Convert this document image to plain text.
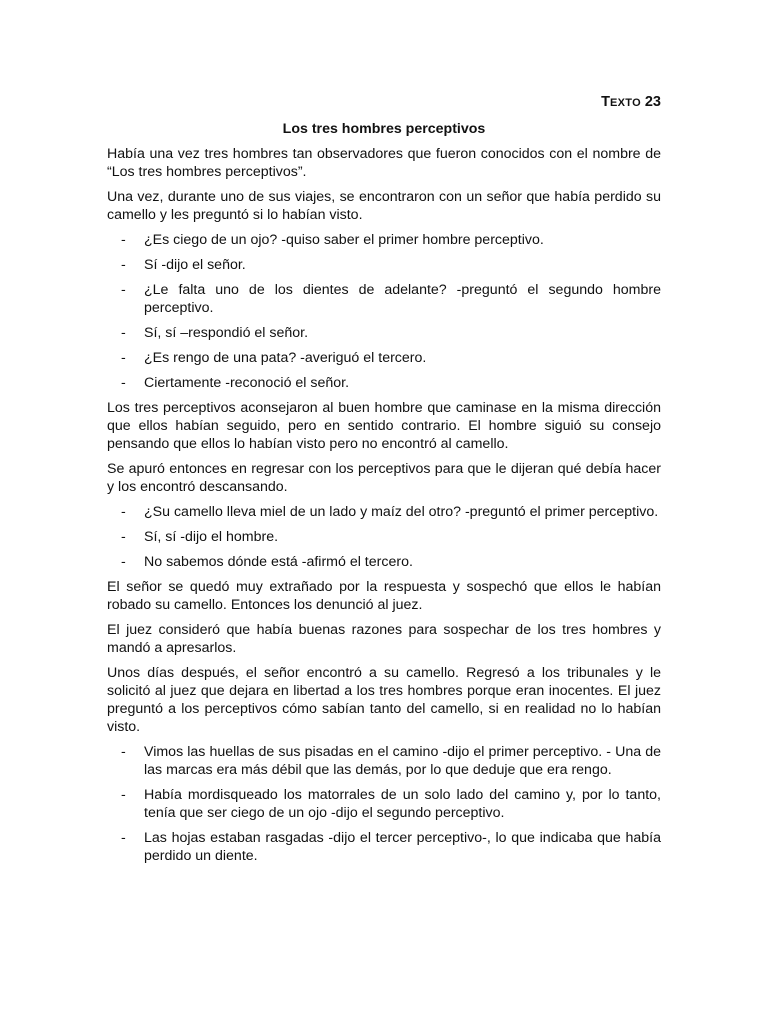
TEXTO 23
Los tres hombres perceptivos

Había una vez tres hombres tan observadores que fueron conocidos con el nombre de “Los tres hombres perceptivos”.

Una vez, durante uno de sus viajes, se encontraron con un señor que había perdido su camello y les preguntó si lo habían visto.

- ¿Es ciego de un ojo? -quiso saber el primer hombre perceptivo.
- Sí -dijo el señor.
- ¿Le falta uno de los dientes de adelante? -preguntó el segundo hombre perceptivo.
- Sí, sí –respondió el señor.
- ¿Es rengo de una pata? -averiguó el tercero.
- Ciertamente -reconoció el señor.

Los tres perceptivos aconsejaron al buen hombre que caminase en la misma dirección que ellos habían seguido, pero en sentido contrario. El hombre siguió su consejo pensando que ellos lo habían visto pero no encontró al camello.

Se apuró entonces en regresar con los perceptivos para que le dijeran qué debía hacer y los encontró descansando.

- ¿Su camello lleva miel de un lado y maíz del otro? -preguntó el primer perceptivo.
- Sí, sí -dijo el hombre.
- No sabemos dónde está -afirmó el tercero.

El señor se quedó muy extrañado por la respuesta y sospechó que ellos le habían robado su camello. Entonces los denunció al juez.

El juez consideró que había buenas razones para sospechar de los tres hombres y mandó a apresarlos.

Unos días después, el señor encontró a su camello. Regresó a los tribunales y le solicitó al juez que dejara en libertad a los tres hombres porque eran inocentes. El juez preguntó a los perceptivos cómo sabían tanto del camello, si en realidad no lo habían visto.

- Vimos las huellas de sus pisadas en el camino -dijo el primer perceptivo. - Una de las marcas era más débil que las demás, por lo que deduje que era rengo.
- Había mordisqueado los matorrales de un solo lado del camino y, por lo tanto, tenía que ser ciego de un ojo -dijo el segundo perceptivo.
- Las hojas estaban rasgadas -dijo el tercer perceptivo-, lo que indicaba que había perdido un diente.
